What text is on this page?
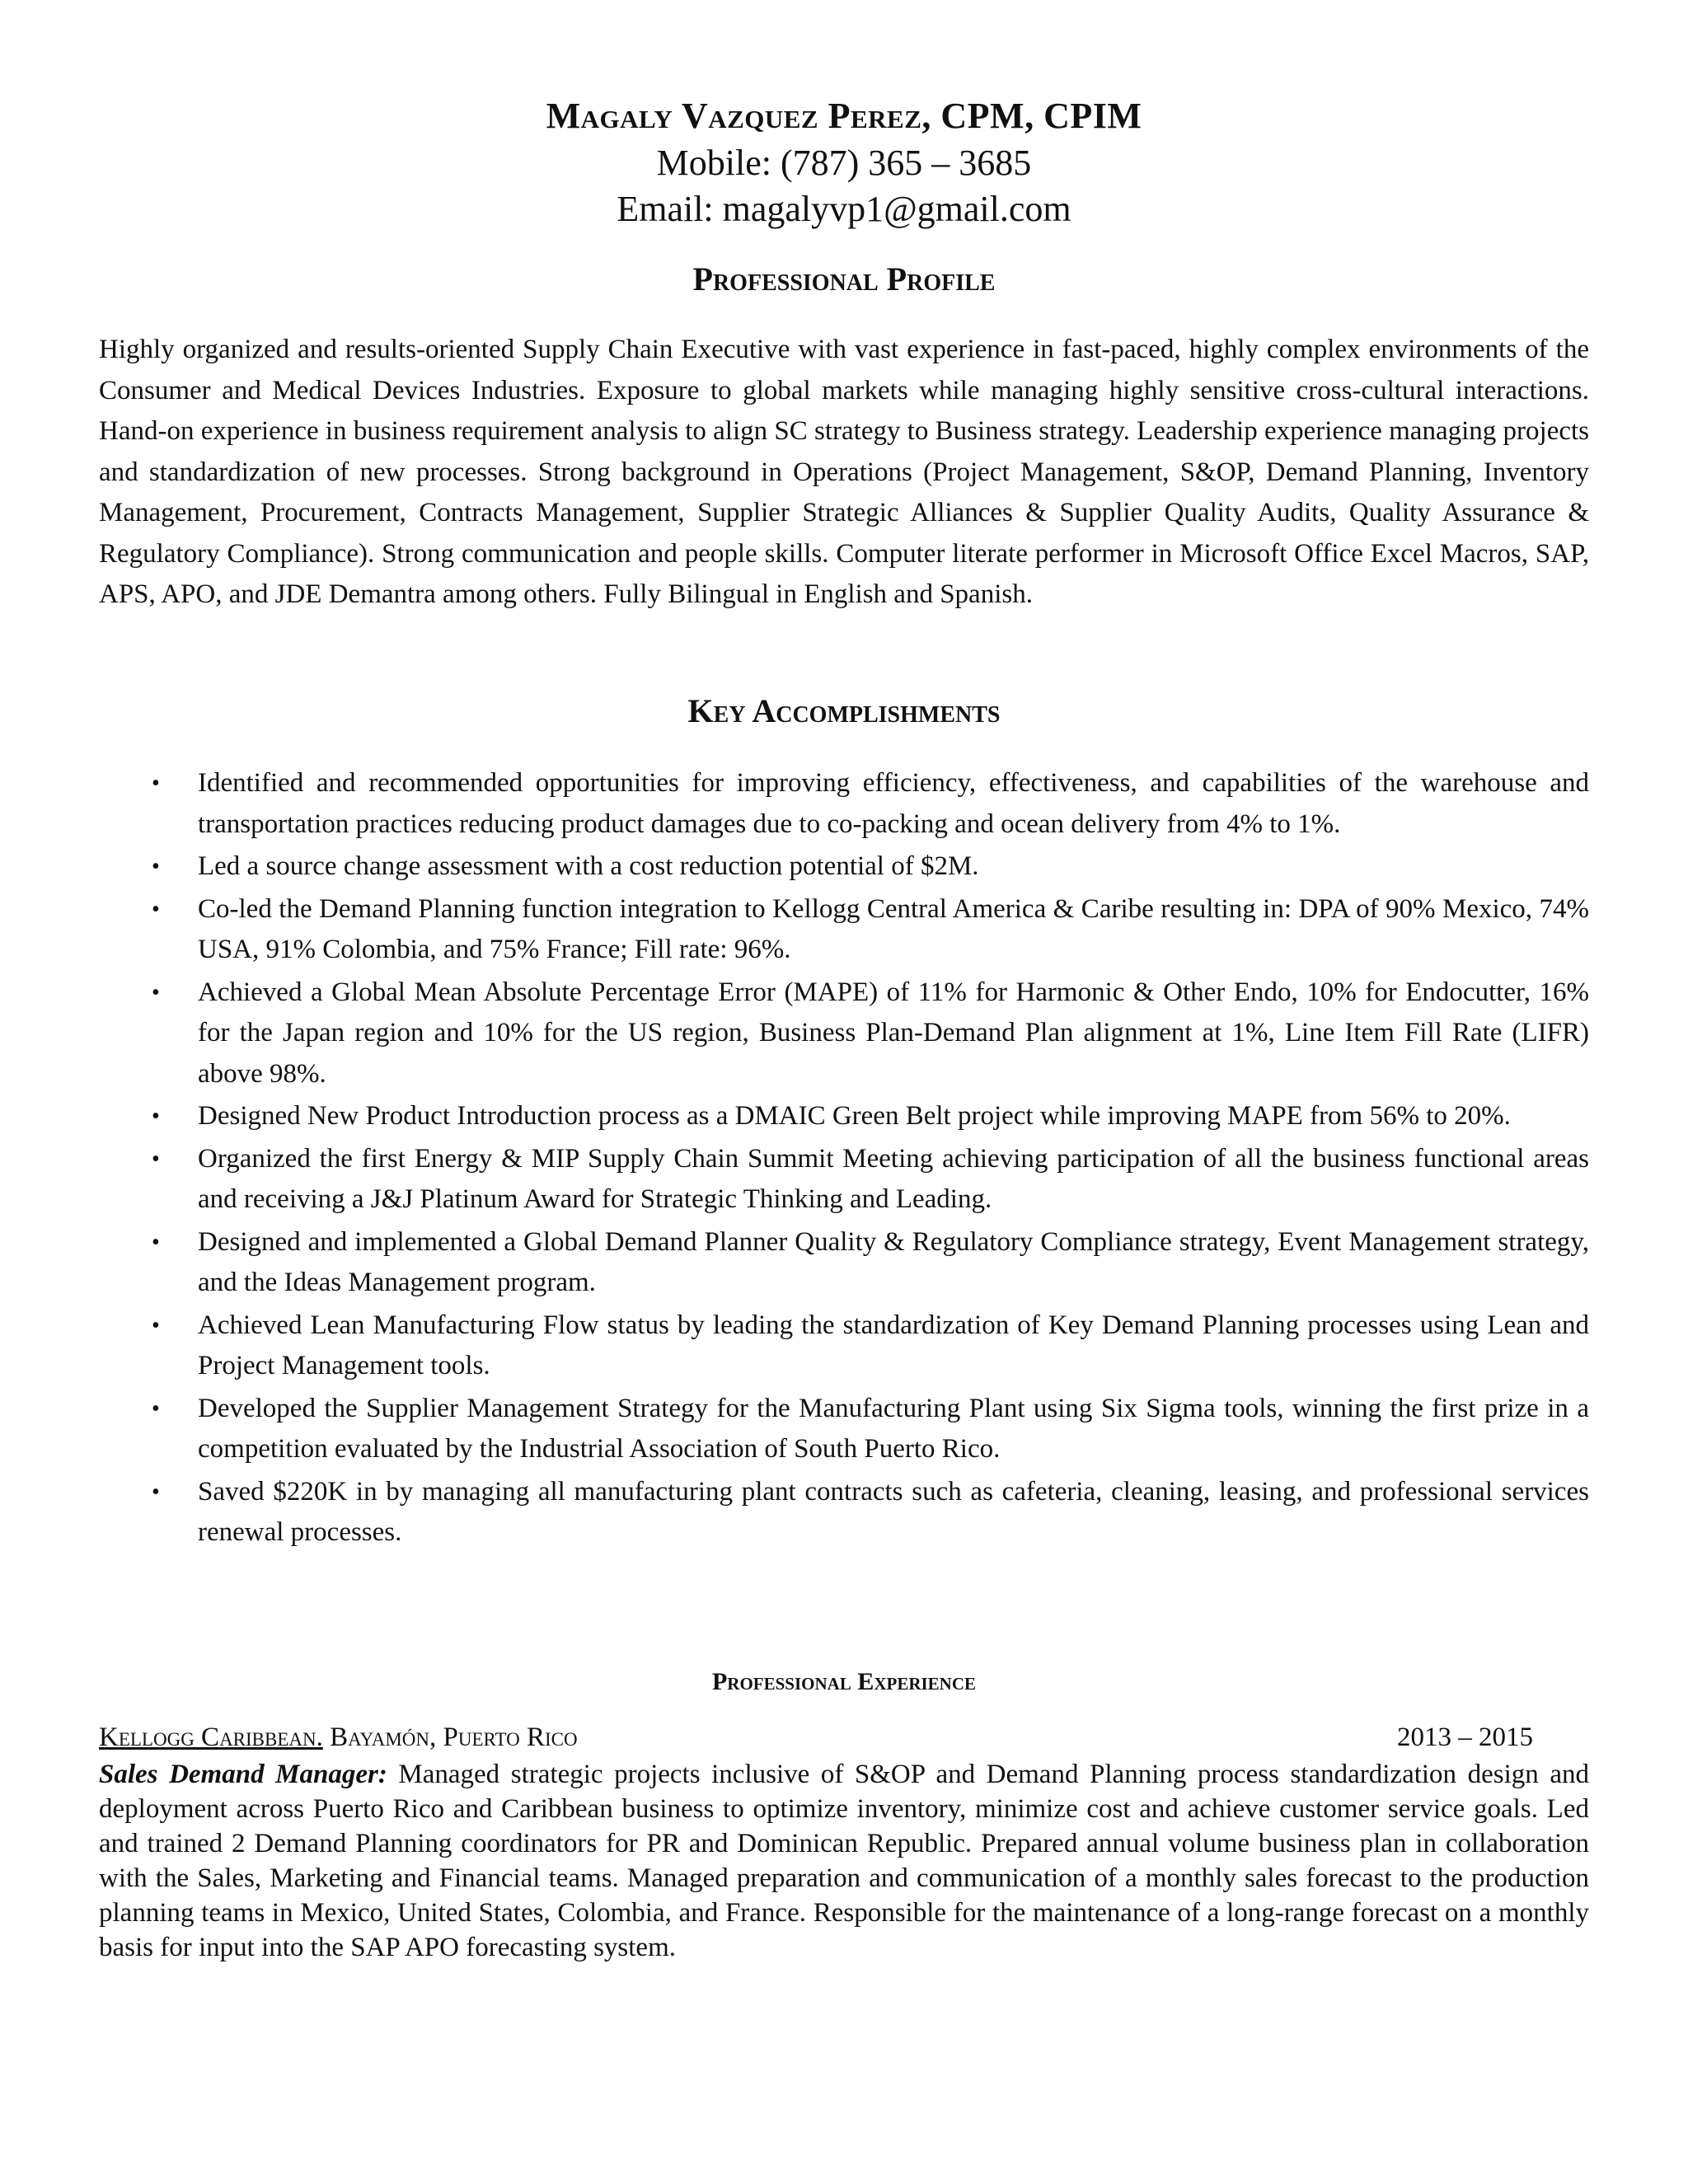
Magaly Vazquez Perez, CPM, CPIM
Mobile: (787) 365 – 3685
Email: magalyvp1@gmail.com
Professional Profile
Highly organized and results-oriented Supply Chain Executive with vast experience in fast-paced, highly complex environments of the Consumer and Medical Devices Industries. Exposure to global markets while managing highly sensitive cross-cultural interactions. Hand-on experience in business requirement analysis to align SC strategy to Business strategy. Leadership experience managing projects and standardization of new processes. Strong background in Operations (Project Management, S&OP, Demand Planning, Inventory Management, Procurement, Contracts Management, Supplier Strategic Alliances & Supplier Quality Audits, Quality Assurance & Regulatory Compliance). Strong communication and people skills. Computer literate performer in Microsoft Office Excel Macros, SAP, APS, APO, and JDE Demantra among others. Fully Bilingual in English and Spanish.
Key Accomplishments
• Identified and recommended opportunities for improving efficiency, effectiveness, and capabilities of the warehouse and transportation practices reducing product damages due to co-packing and ocean delivery from 4% to 1%.
• Led a source change assessment with a cost reduction potential of $2M.
• Co-led the Demand Planning function integration to Kellogg Central America & Caribe resulting in: DPA of 90% Mexico, 74% USA, 91% Colombia, and 75% France; Fill rate: 96%.
• Achieved a Global Mean Absolute Percentage Error (MAPE) of 11% for Harmonic & Other Endo, 10% for Endocutter, 16% for the Japan region and 10% for the US region, Business Plan-Demand Plan alignment at 1%, Line Item Fill Rate (LIFR) above 98%.
• Designed New Product Introduction process as a DMAIC Green Belt project while improving MAPE from 56% to 20%.
• Organized the first Energy & MIP Supply Chain Summit Meeting achieving participation of all the business functional areas and receiving a J&J Platinum Award for Strategic Thinking and Leading.
• Designed and implemented a Global Demand Planner Quality & Regulatory Compliance strategy, Event Management strategy, and the Ideas Management program.
• Achieved Lean Manufacturing Flow status by leading the standardization of Key Demand Planning processes using Lean and Project Management tools.
• Developed the Supplier Management Strategy for the Manufacturing Plant using Six Sigma tools, winning the first prize in a competition evaluated by the Industrial Association of South Puerto Rico.
• Saved $220K in by managing all manufacturing plant contracts such as cafeteria, cleaning, leasing, and professional services renewal processes.
Professional Experience
Kellogg Caribbean. Bayamón, Puerto Rico	2013 – 2015
Sales Demand Manager: Managed strategic projects inclusive of S&OP and Demand Planning process standardization design and deployment across Puerto Rico and Caribbean business to optimize inventory, minimize cost and achieve customer service goals. Led and trained 2 Demand Planning coordinators for PR and Dominican Republic. Prepared annual volume business plan in collaboration with the Sales, Marketing and Financial teams. Managed preparation and communication of a monthly sales forecast to the production planning teams in Mexico, United States, Colombia, and France. Responsible for the maintenance of a long-range forecast on a monthly basis for input into the SAP APO forecasting system.
